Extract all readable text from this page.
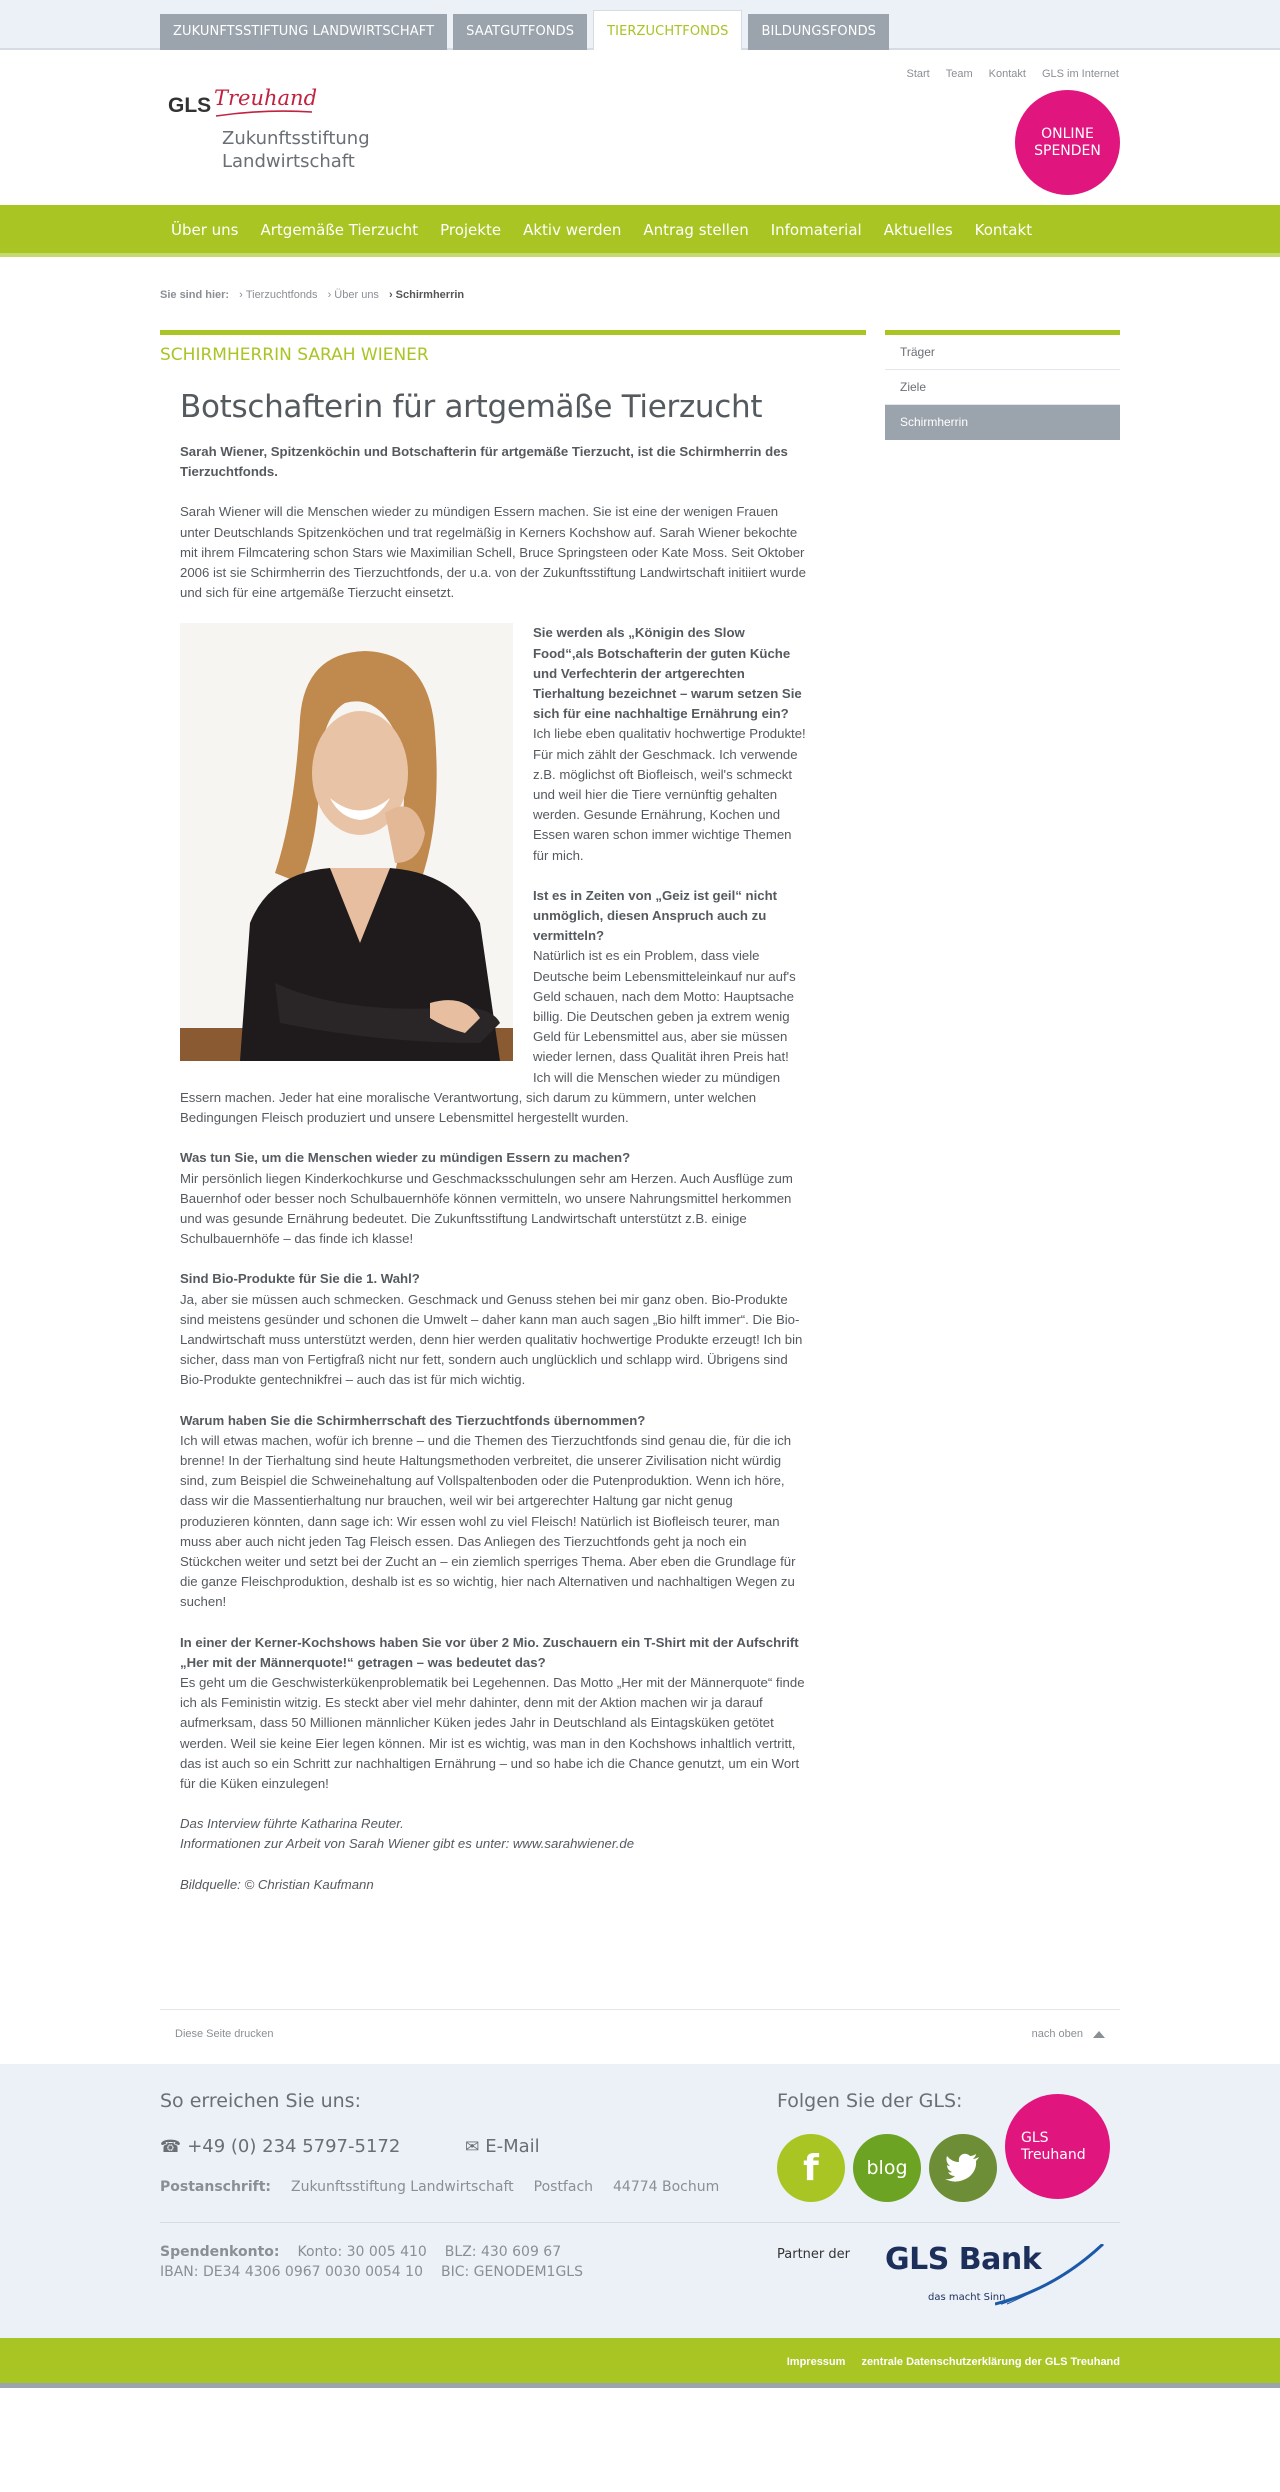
ZUKUNFTSSTIFTUNG LANDWIRTSCHAFT	SAATGUTFONDS	TIERZUCHTFONDS	BILDUNGSFONDS
GLS Treuhand
Zukunftsstiftung
Landwirtschaft
Start Team Kontakt GLS im Internet
ONLINE
SPENDEN
Über uns	Artgemäße Tierzucht	Projekte	Aktiv werden	Antrag stellen	Infomaterial	Aktuelles	Kontakt
Sie sind hier:	› Tierzuchtfonds	› Über uns	› Schirmherrin
SCHIRMHERRIN SARAH WIENER
Botschafterin für artgemäße Tierzucht

Sarah Wiener, Spitzenköchin und Botschafterin für artgemäße Tierzucht, ist die Schirmherrin des Tierzuchtfonds.

Sarah Wiener will die Menschen wieder zu mündigen Essern machen. Sie ist eine der wenigen Frauen unter Deutschlands Spitzenköchen und trat regelmäßig in Kerners Kochshow auf. Sarah Wiener bekochte mit ihrem Filmcatering schon Stars wie Maximilian Schell, Bruce Springsteen oder Kate Moss. Seit Oktober 2006 ist sie Schirmherrin des Tierzuchtfonds, der u.a. von der Zukunftsstiftung Landwirtschaft initiiert wurde und sich für eine artgemäße Tierzucht einsetzt.

Sie werden als „Königin des Slow Food“,als Botschafterin der guten Küche und Verfechterin der artgerechten Tierhaltung bezeichnet – warum setzen Sie sich für eine nachhaltige Ernährung ein?
Ich liebe eben qualitativ hochwertige Produkte! Für mich zählt der Geschmack. Ich verwende z.B. möglichst oft Biofleisch, weil's schmeckt und weil hier die Tiere vernünftig gehalten werden. Gesunde Ernährung, Kochen und Essen waren schon immer wichtige Themen für mich.

Ist es in Zeiten von „Geiz ist geil“ nicht unmöglich, diesen Anspruch auch zu vermitteln?
Natürlich ist es ein Problem, dass viele Deutsche beim Lebensmitteleinkauf nur auf's Geld schauen, nach dem Motto: Hauptsache billig. Die Deutschen geben ja extrem wenig Geld für Lebensmittel aus, aber sie müssen wieder lernen, dass Qualität ihren Preis hat! Ich will die Menschen wieder zu mündigen Essern machen. Jeder hat eine moralische Verantwortung, sich darum zu kümmern, unter welchen Bedingungen Fleisch produziert und unsere Lebensmittel hergestellt wurden.

Was tun Sie, um die Menschen wieder zu mündigen Essern zu machen?
Mir persönlich liegen Kinderkochkurse und Geschmacksschulungen sehr am Herzen. Auch Ausflüge zum Bauernhof oder besser noch Schulbauernhöfe können vermitteln, wo unsere Nahrungsmittel herkommen und was gesunde Ernährung bedeutet. Die Zukunftsstiftung Landwirtschaft unterstützt z.B. einige Schulbauernhöfe – das finde ich klasse!

Sind Bio-Produkte für Sie die 1. Wahl?
Ja, aber sie müssen auch schmecken. Geschmack und Genuss stehen bei mir ganz oben. Bio-Produkte sind meistens gesünder und schonen die Umwelt – daher kann man auch sagen „Bio hilft immer“. Die Bio-Landwirtschaft muss unterstützt werden, denn hier werden qualitativ hochwertige Produkte erzeugt! Ich bin sicher, dass man von Fertigfraß nicht nur fett, sondern auch unglücklich und schlapp wird. Übrigens sind Bio-Produkte gentechnikfrei – auch das ist für mich wichtig.

Warum haben Sie die Schirmherrschaft des Tierzuchtfonds übernommen?
Ich will etwas machen, wofür ich brenne – und die Themen des Tierzuchtfonds sind genau die, für die ich brenne! In der Tierhaltung sind heute Haltungsmethoden verbreitet, die unserer Zivilisation nicht würdig sind, zum Beispiel die Schweinehaltung auf Vollspaltenboden oder die Putenproduktion. Wenn ich höre, dass wir die Massentierhaltung nur brauchen, weil wir bei artgerechter Haltung gar nicht genug produzieren könnten, dann sage ich: Wir essen wohl zu viel Fleisch! Natürlich ist Biofleisch teurer, man muss aber auch nicht jeden Tag Fleisch essen. Das Anliegen des Tierzuchtfonds geht ja noch ein Stückchen weiter und setzt bei der Zucht an – ein ziemlich sperriges Thema. Aber eben die Grundlage für die ganze Fleischproduktion, deshalb ist es so wichtig, hier nach Alternativen und nachhaltigen Wegen zu suchen!

In einer der Kerner-Kochshows haben Sie vor über 2 Mio. Zuschauern ein T-Shirt mit der Aufschrift „Her mit der Männerquote!“ getragen – was bedeutet das?
Es geht um die Geschwisterkükenproblematik bei Legehennen. Das Motto „Her mit der Männerquote“ finde ich als Feministin witzig. Es steckt aber viel mehr dahinter, denn mit der Aktion machen wir ja darauf aufmerksam, dass 50 Millionen männlicher Küken jedes Jahr in Deutschland als Eintagsküken getötet werden. Weil sie keine Eier legen können. Mir ist es wichtig, was man in den Kochshows inhaltlich vertritt, das ist auch so ein Schritt zur nachhaltigen Ernährung – und so habe ich die Chance genutzt, um ein Wort für die Küken einzulegen!

Das Interview führte Katharina Reuter.
Informationen zur Arbeit von Sarah Wiener gibt es unter: www.sarahwiener.de

Bildquelle: © Christian Kaufmann

Träger
Ziele
Schirmherrin
Diese Seite drucken	nach oben
So erreichen Sie uns:
☎ +49 (0) 234 5797-5172	✉ E-Mail
Postanschrift: Zukunftsstiftung Landwirtschaft Postfach 44774 Bochum
Spendenkonto: Konto: 30 005 410 BLZ: 430 609 67
IBAN: DE34 4306 0967 0030 0054 10 BIC: GENODEM1GLS
Folgen Sie der GLS:
f	blog
GLS
Treuhand
Partner der GLS Bank
das macht Sinn
Impressum zentrale Datenschutzerklärung der GLS Treuhand
